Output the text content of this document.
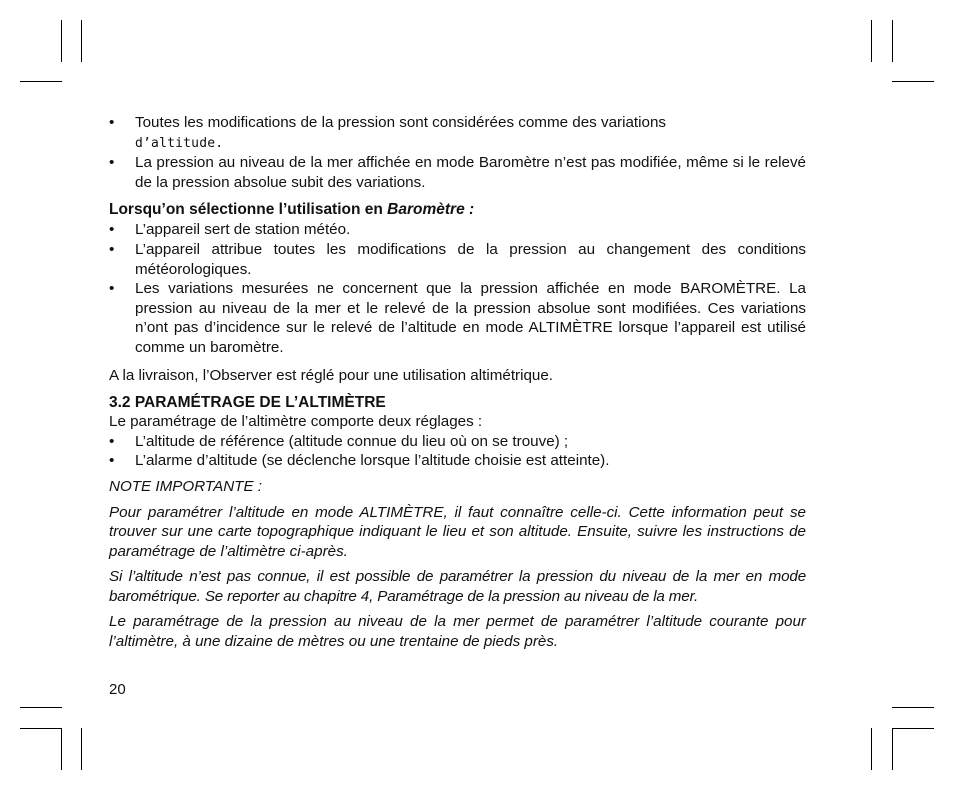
• Toutes les modifications de la pression sont considérées comme des variations
d’altitude.
• La pression au niveau de la mer affichée en mode Baromètre n’est pas modifiée, même si le relevé de la pression absolue subit des variations.
Lorsqu’on sélectionne l’utilisation en Baromètre :
• L’appareil sert de station météo.
• L’appareil attribue toutes les modifications de la pression au changement des conditions météorologiques.
• Les variations mesurées ne concernent que la pression affichée en mode BAROMÈTRE. La pression au niveau de la mer et le relevé de la pression absolue sont modifiées. Ces variations n’ont pas d’incidence sur le relevé de l’altitude en mode ALTIMÈTRE lorsque l’appareil est utilisé comme un baromètre.

A la livraison, l’Observer est réglé pour une utilisation altimétrique.

3.2 PARAMÉTRAGE DE L’ALTIMÈTRE

Le paramétrage de l’altimètre comporte deux réglages :

• L’altitude de référence (altitude connue du lieu où on se trouve) ;
• L’alarme d’altitude (se déclenche lorsque l’altitude choisie est atteinte).

NOTE IMPORTANTE :

Pour paramétrer l’altitude en mode ALTIMÈTRE, il faut connaître celle-ci. Cette information peut se trouver sur une carte topographique indiquant le lieu et son altitude. Ensuite, suivre les instructions de paramétrage de l’altimètre ci-après.

Si l’altitude n’est pas connue, il est possible de paramétrer la pression du niveau de la mer en mode barométrique. Se reporter au chapitre 4, Paramétrage de la pression au niveau de la mer.

Le paramétrage de la pression au niveau de la mer permet de paramétrer l’altitude courante pour l’altimètre, à une dizaine de mètres ou une trentaine de pieds près.

20
